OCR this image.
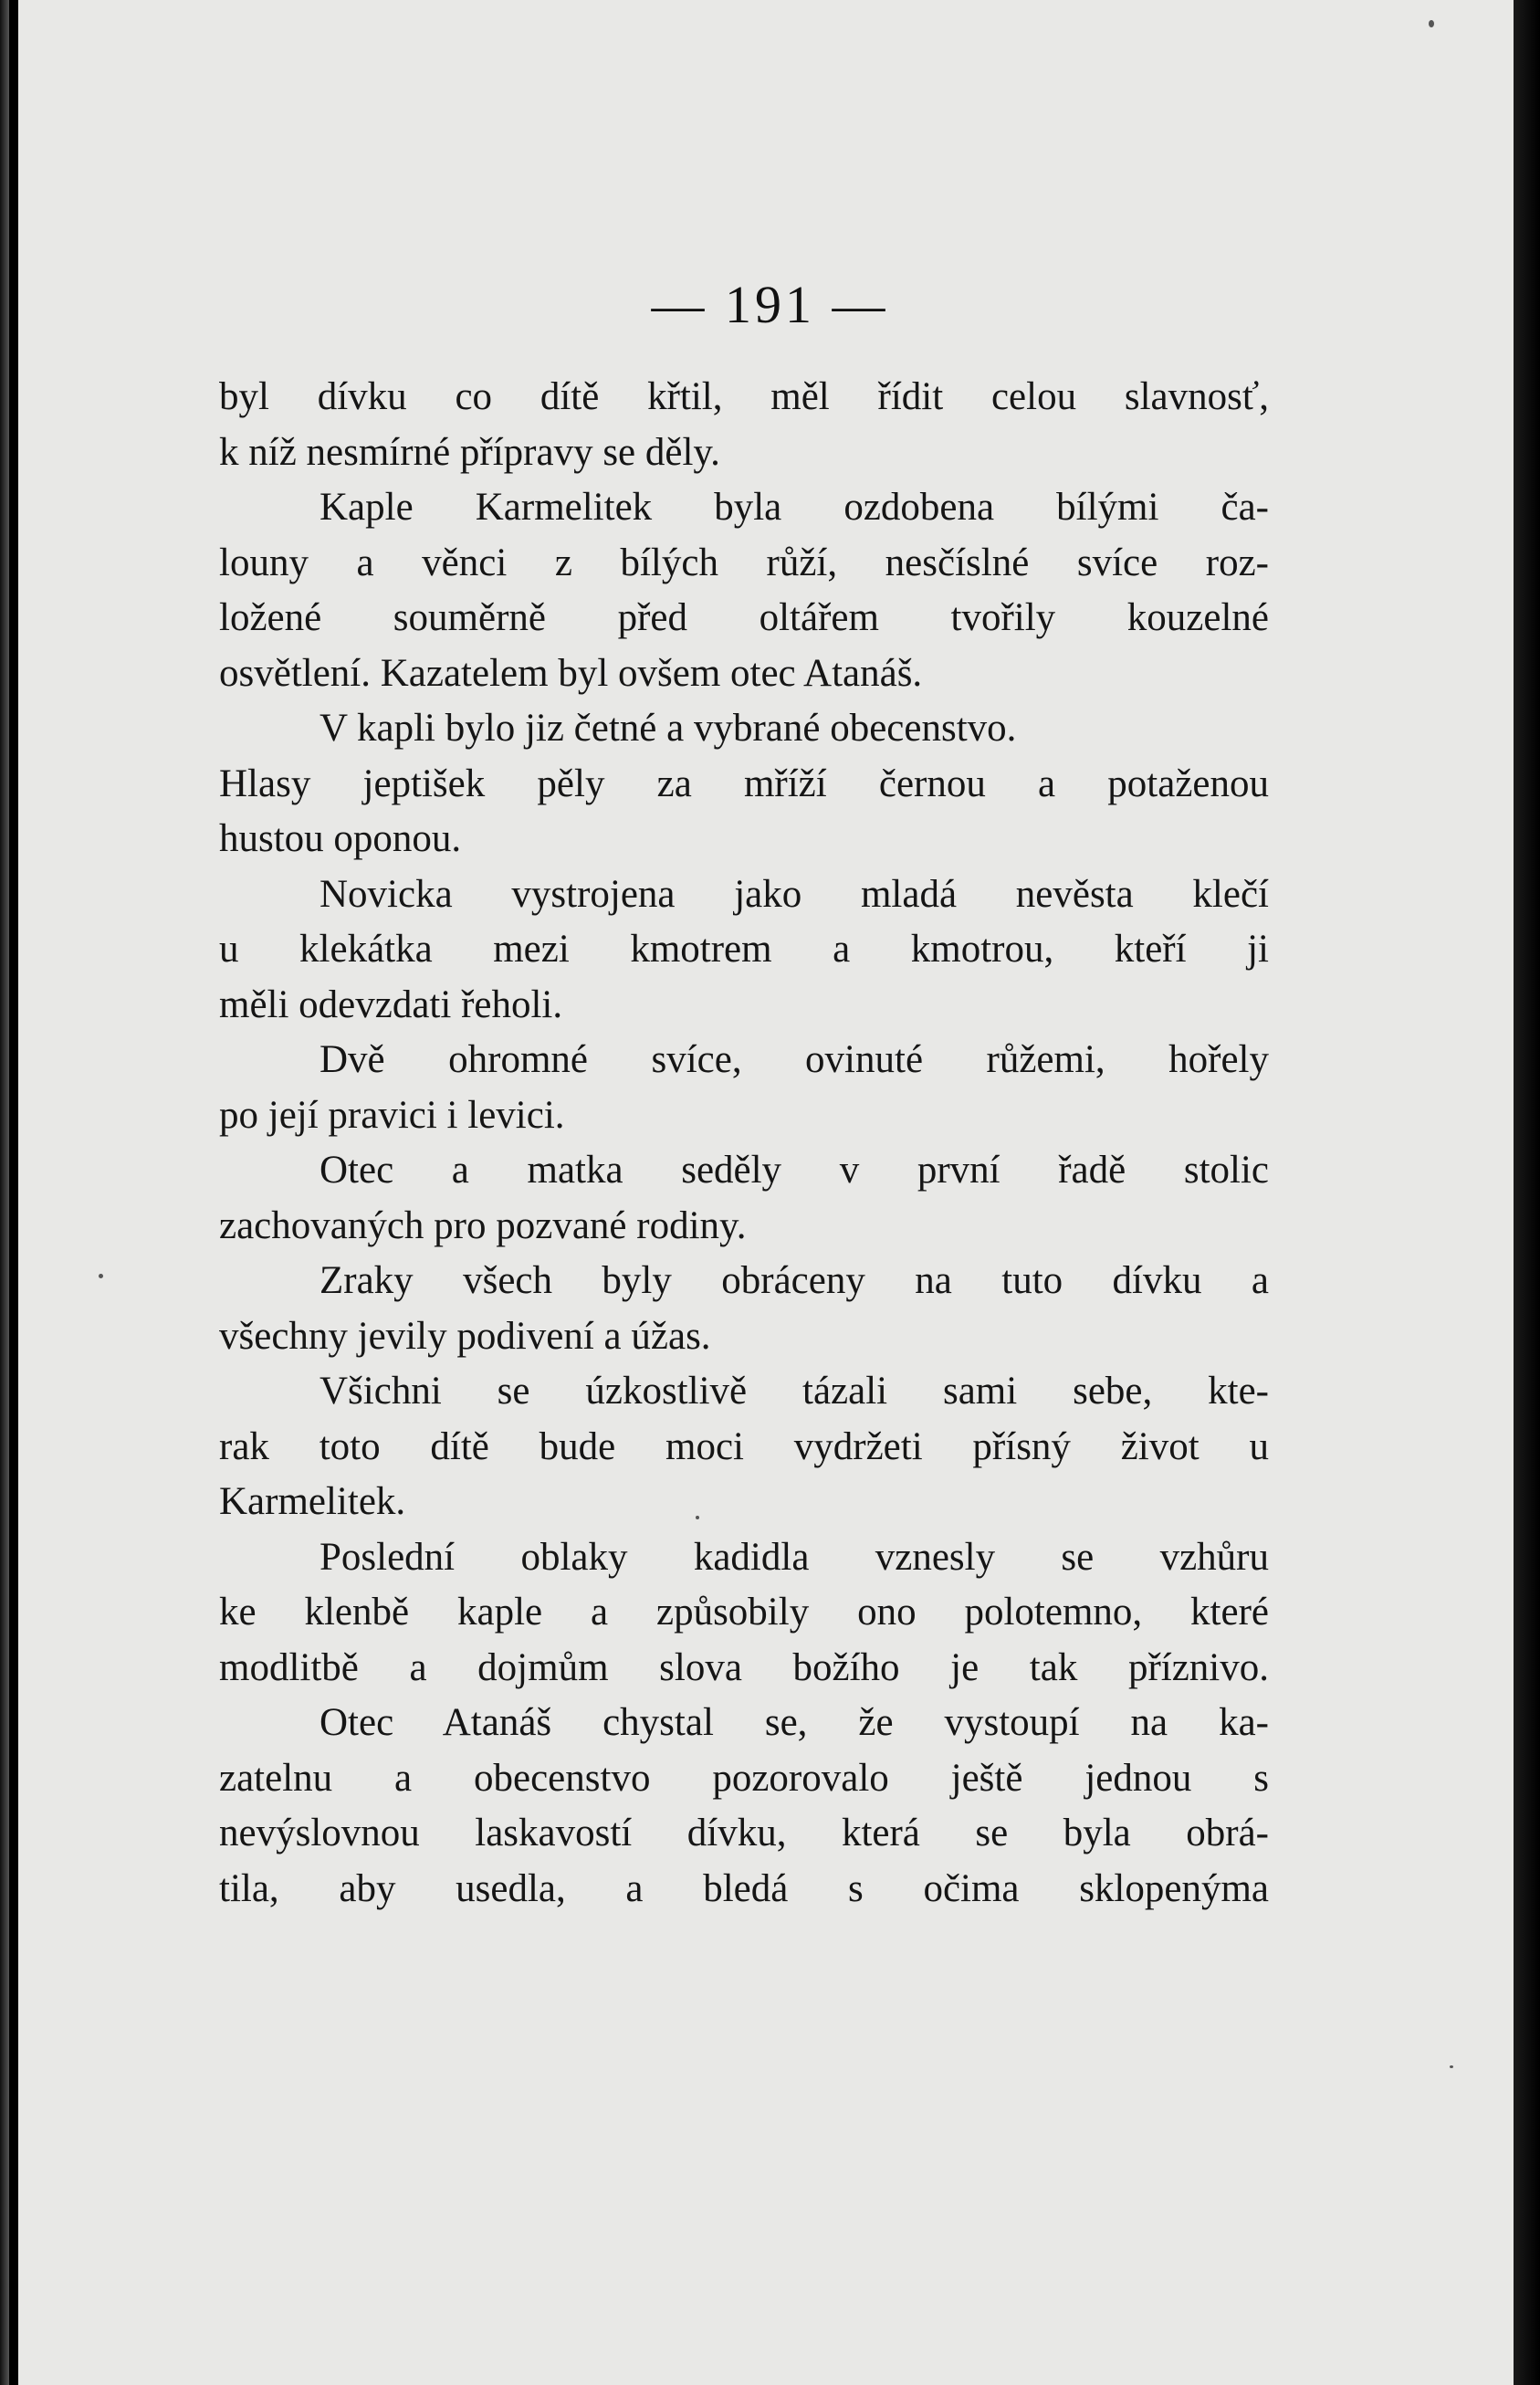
— 191 —
byl dívku co dítě křtil, měl řídit celou slavnosť,
k níž nesmírné přípravy se děly.
Kaple Karmelitek byla ozdobena bílými ča-
louny a věnci z bílých růží, nesčíslné svíce roz-
ložené souměrně před oltářem tvořily kouzelné
osvětlení. Kazatelem byl ovšem otec Atanáš.
V kapli bylo jiz četné a vybrané obecenstvo.
Hlasy jeptišek pěly za mříží černou a potaženou
hustou oponou.
Novicka vystrojena jako mladá nevěsta klečí
u klekátka mezi kmotrem a kmotrou, kteří ji
měli odevzdati řeholi.
Dvě ohromné svíce, ovinuté růžemi, hořely
po její pravici i levici.
Otec a matka seděly v první řadě stolic
zachovaných pro pozvané rodiny.
Zraky všech byly obráceny na tuto dívku a
všechny jevily podivení a úžas.
Všichni se úzkostlivě tázali sami sebe, kte-
rak toto dítě bude moci vydržeti přísný život u
Karmelitek.
Poslední oblaky kadidla vznesly se vzhůru
ke klenbě kaple a způsobily ono polotemno, které
modlitbě a dojmům slova božího je tak příznivo.
Otec Atanáš chystal se, že vystoupí na ka-
zatelnu a obecenstvo pozorovalo ještě jednou s
nevýslovnou laskavostí dívku, která se byla obrá-
tila, aby usedla, a bledá s očima sklopenýma
